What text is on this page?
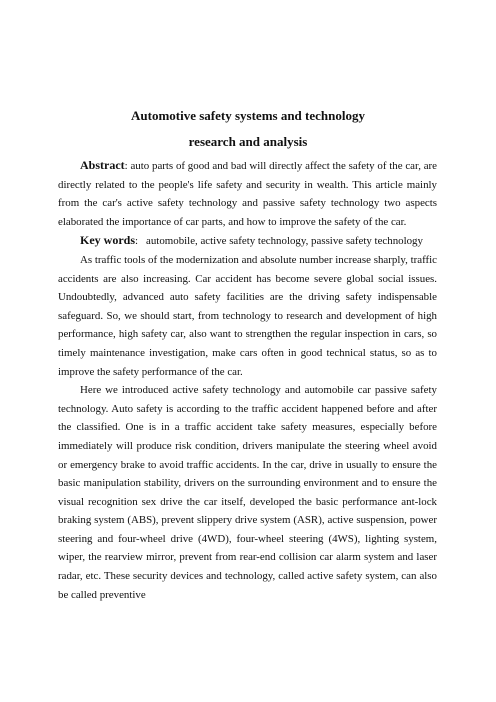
Automotive safety systems and technology
research and analysis

Abstract: auto parts of good and bad will directly affect the safety of the car, are directly related to the people's life safety and security in wealth. This article mainly from the car's active safety technology and passive safety technology two aspects elaborated the importance of car parts, and how to improve the safety of the car.

Key words: automobile, active safety technology, passive safety technology

As traffic tools of the modernization and absolute number increase sharply, traffic accidents are also increasing. Car accident has become severe global social issues. Undoubtedly, advanced auto safety facilities are the driving safety indispensable safeguard. So, we should start, from technology to research and development of high performance, high safety car, also want to strengthen the regular inspection in cars, so timely maintenance investigation, make cars often in good technical status, so as to improve the safety performance of the car.

Here we introduced active safety technology and automobile car passive safety technology. Auto safety is according to the traffic accident happened before and after the classified. One is in a traffic accident take safety measures, especially before immediately will produce risk condition, drivers manipulate the steering wheel avoid or emergency brake to avoid traffic accidents. In the car, drive in usually to ensure the basic manipulation stability, drivers on the surrounding environment and to ensure the visual recognition sex drive the car itself, developed the basic performance ant-lock braking system (ABS), prevent slippery drive system (ASR), active suspension, power steering and four-wheel drive (4WD), four-wheel steering (4WS), lighting system, wiper, the rearview mirror, prevent from rear-end collision car alarm system and laser radar, etc. These security devices and technology, called active safety system, can also be called preventive
